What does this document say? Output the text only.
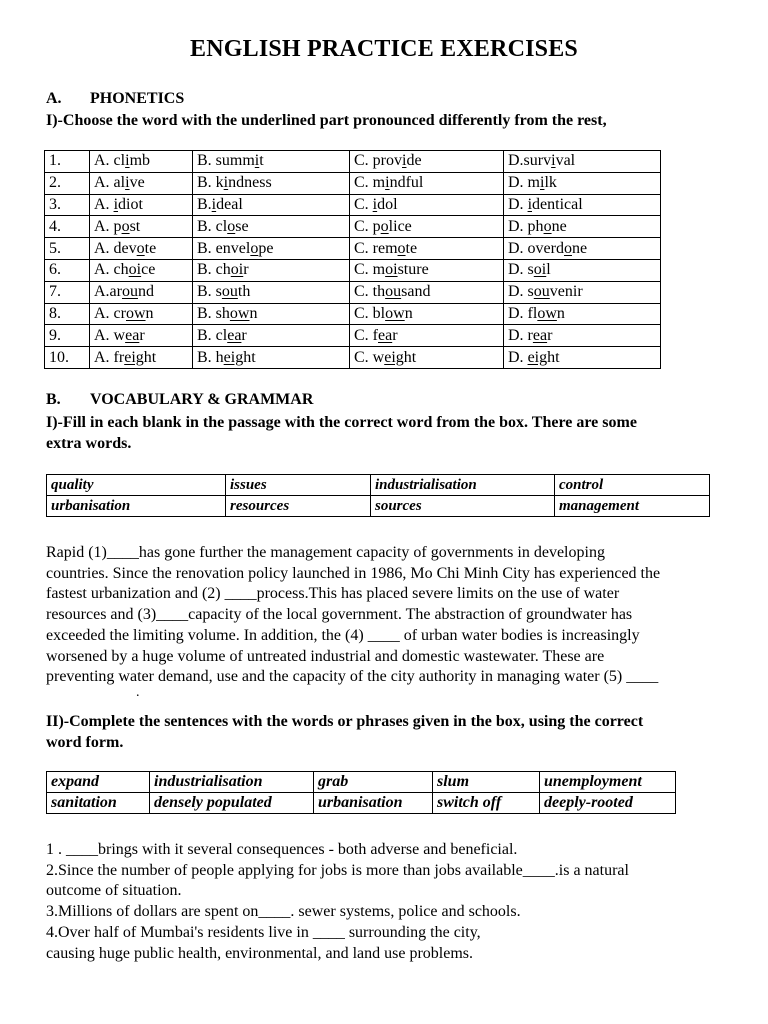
ENGLISH PRACTICE EXERCISES
A. PHONETICS
I)-Choose the word with the underlined part pronounced differently from the rest,
1.	A. climb	B. summit	C. provide	D.survival
2.	A. alive	B. kindness	C. mindful	D. milk
3.	A. idiot	B.ideal	C. idol	D. identical
4.	A. post	B. close	C. police	D. phone
5.	A. devote	B. envelope	C. remote	D. overdone
6.	A. choice	B. choir	C. moisture	D. soil
7.	A.around	B. south	C. thousand	D. souvenir
8.	A. crown	B. shown	C. blown	D. flown
9.	A. wear	B. clear	C. fear	D. rear
10.	A. freight	B. height	C. weight	D. eight
B. VOCABULARY & GRAMMAR
I)-Fill in each blank in the passage with the correct word from the box. There are some
extra words.
quality	issues	industrialisation	control
urbanisation	resources	sources	management
Rapid (1)____has gone further the management capacity of governments in developing
countries. Since the renovation policy launched in 1986, Mo Chi Minh City has experienced the
fastest urbanization and (2) ____process.This has placed severe limits on the use of water
resources and (3)____capacity of the local government. The abstraction of groundwater has
exceeded the limiting volume. In addition, the (4) ____ of urban water bodies is increasingly
worsened by a huge volume of untreated industrial and domestic wastewater. These are
preventing water demand, use and the capacity of the city authority in managing water (5) ____
.
II)-Complete the sentences with the words or phrases given in the box, using the correct
word form.
expand	industrialisation	grab	slum	unemployment
sanitation	densely populated	urbanisation	switch off	deeply-rooted
1 . ____brings with it several consequences - both adverse and beneficial.
2.Since the number of people applying for jobs is more than jobs available____.is a natural
outcome of situation.
3.Millions of dollars are spent on____. sewer systems, police and schools.
4.Over half of Mumbai's residents live in ____ surrounding the city,
causing huge public health, environmental, and land use problems.
